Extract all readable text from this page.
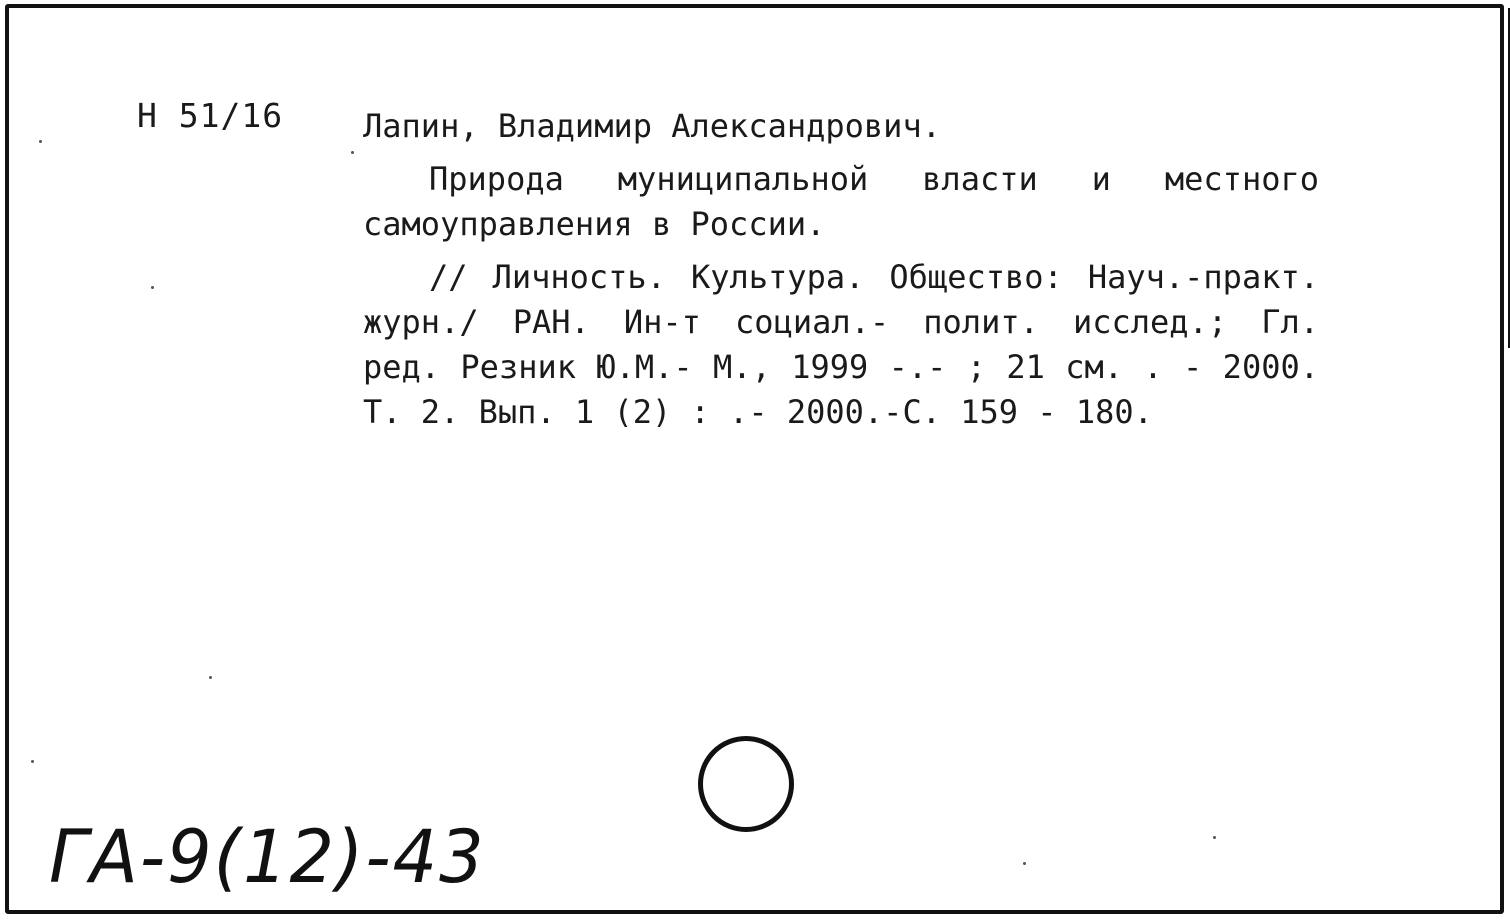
Н 51/16 Лапин, Владимир Александрович.

Природа муниципальной власти и местного самоуправления в России.

// Личность. Культура. Общество: Науч.-практ. журн./ РАН. Ин-т социал.- полит. исслед.; Гл. ред. Резник Ю.М.- М., 1999 -.- ; 21 см. . - 2000. Т. 2. Вып. 1 (2) : .- 2000.-С. 159 - 180.

ГА-9(12)-43
